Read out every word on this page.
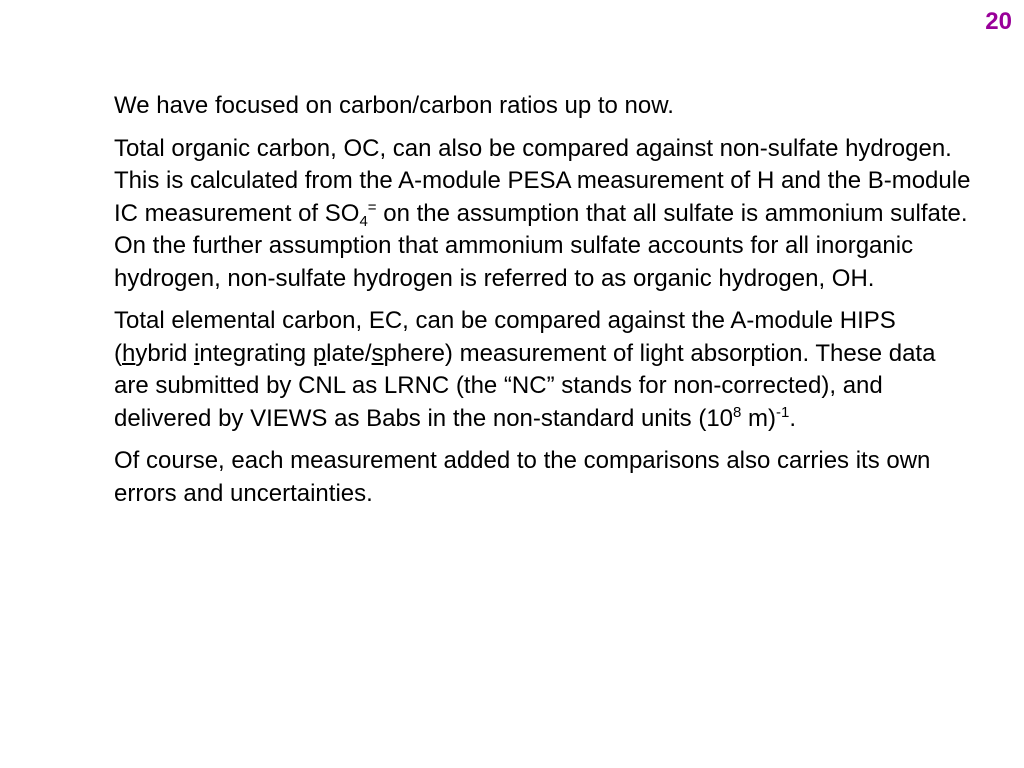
20

We have focused on carbon/carbon ratios up to now.

Total organic carbon, OC, can also be compared against non-sulfate hydrogen. This is calculated from the A-module PESA measurement of H and the B-module IC measurement of $SO_4^=$ on the assumption that all sulfate is ammonium sulfate. On the further assumption that ammonium sulfate accounts for all inorganic hydrogen, non-sulfate hydrogen is referred to as organic hydrogen, OH.

Total elemental carbon, EC, can be compared against the A-module HIPS (hybrid integrating plate/sphere) measurement of light absorption. These data are submitted by CNL as LRNC (the “NC” stands for non-corrected), and delivered by VIEWS as Babs in the non-standard units ($10^8$ m)$^{-1}$.

Of course, each measurement added to the comparisons also carries its own errors and uncertainties.
